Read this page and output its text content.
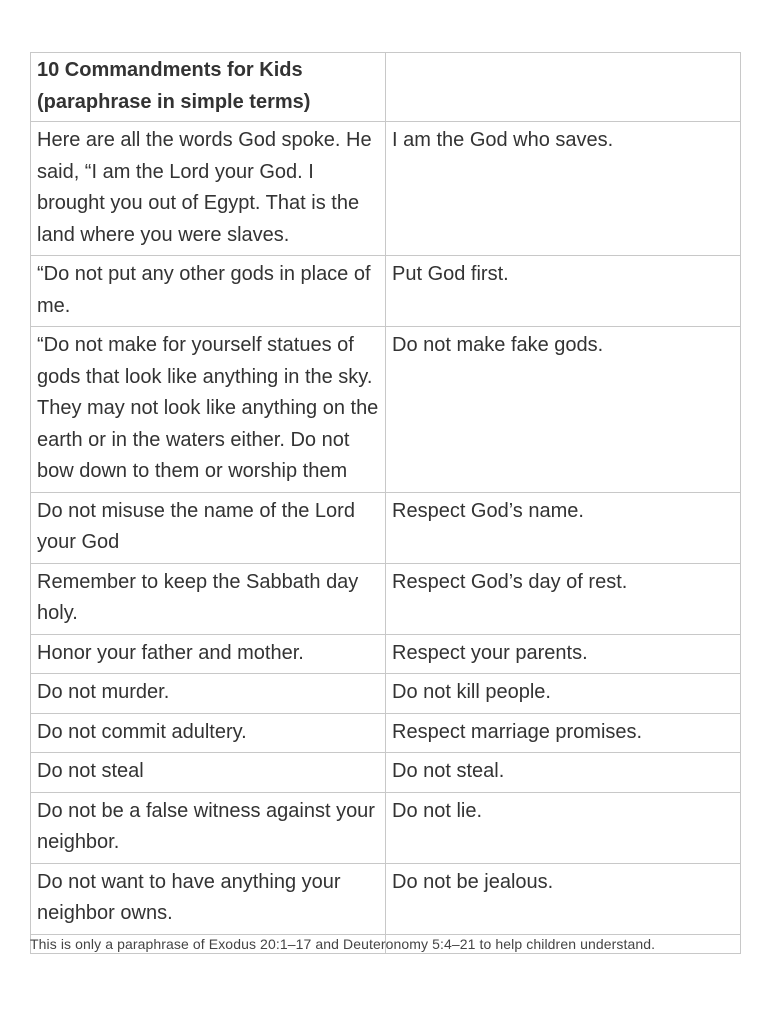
10 Commandments for Kids (paraphrase in simple terms)	
Here are all the words God spoke. He said, “I am the Lord your God. I brought you out of Egypt. That is the land where you were slaves.	I am the God who saves.
“Do not put any other gods in place of me.	Put God first.
“Do not make for yourself statues of gods that look like anything in the sky. They may not look like anything on the earth or in the waters either. Do not bow down to them or worship them	Do not make fake gods.
Do not misuse the name of the Lord your God	Respect God’s name.
Remember to keep the Sabbath day holy.	Respect God’s day of rest.
Honor your father and mother.	Respect your parents.
Do not murder.	Do not kill people.
Do not commit adultery.	Respect marriage promises.
Do not steal	Do not steal.
Do not be a false witness against your neighbor.	Do not lie.
Do not want to have anything your neighbor owns.	Do not be jealous.

This is only a paraphrase of Exodus 20:1–17 and Deuteronomy 5:4–21 to help children understand.
